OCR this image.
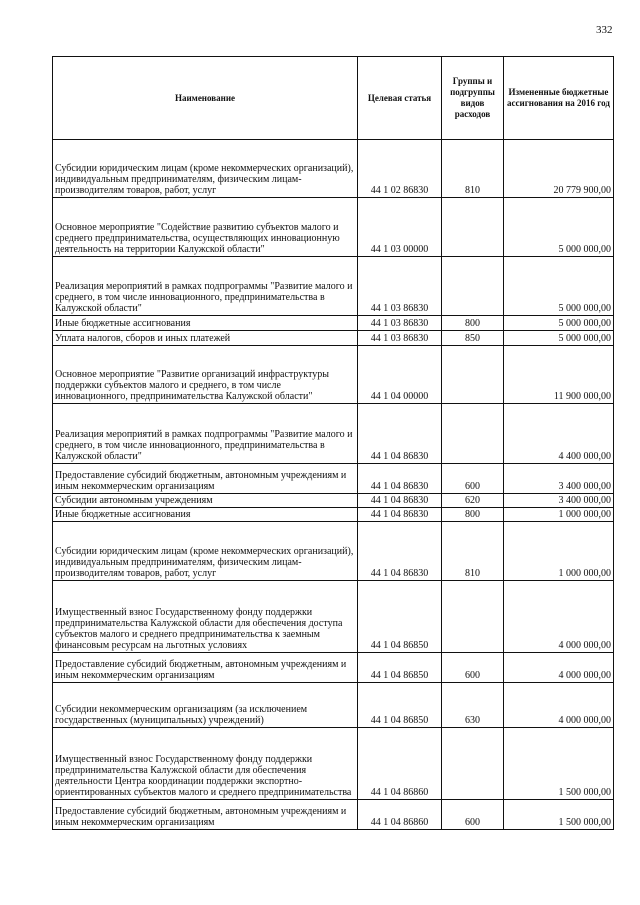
332
Наименование	Целевая статья	Группы и подгруппы видов расходов	Измененные бюджетные ассигнования на 2016 год
Субсидии юридическим лицам (кроме некоммерческих организаций), индивидуальным предпринимателям, физическим лицам-производителям товаров, работ, услуг	44 1 02 86830	810	20 779 900,00
Основное мероприятие "Содействие развитию субъектов малого и среднего предпринимательства, осуществляющих инновационную деятельность на территории Калужской области"	44 1 03 00000		5 000 000,00
Реализация мероприятий в рамках подпрограммы "Развитие малого и среднего, в том числе инновационного, предпринимательства в Калужской области"	44 1 03 86830		5 000 000,00
Иные бюджетные ассигнования	44 1 03 86830	800	5 000 000,00
Уплата налогов, сборов и иных платежей	44 1 03 86830	850	5 000 000,00
Основное мероприятие "Развитие организаций инфраструктуры поддержки субъектов малого и среднего, в том числе инновационного, предпринимательства Калужской области"	44 1 04 00000		11 900 000,00
Реализация мероприятий в рамках подпрограммы "Развитие малого и среднего, в том числе инновационного, предпринимательства в Калужской области"	44 1 04 86830		4 400 000,00
Предоставление субсидий бюджетным, автономным учреждениям и иным некоммерческим организациям	44 1 04 86830	600	3 400 000,00
Субсидии автономным учреждениям	44 1 04 86830	620	3 400 000,00
Иные бюджетные ассигнования	44 1 04 86830	800	1 000 000,00
Субсидии юридическим лицам (кроме некоммерческих организаций), индивидуальным предпринимателям, физическим лицам-производителям товаров, работ, услуг	44 1 04 86830	810	1 000 000,00
Имущественный взнос Государственному фонду поддержки предпринимательства Калужской области для обеспечения доступа субъектов малого и среднего предпринимательства к заемным финансовым ресурсам на льготных условиях	44 1 04 86850		4 000 000,00
Предоставление субсидий бюджетным, автономным учреждениям и иным некоммерческим организациям	44 1 04 86850	600	4 000 000,00
Субсидии некоммерческим организациям (за исключением государственных (муниципальных) учреждений)	44 1 04 86850	630	4 000 000,00
Имущественный взнос Государственному фонду поддержки предпринимательства Калужской области для обеспечения деятельности Центра координации поддержки экспортно-ориентированных субъектов малого и среднего предпринимательства	44 1 04 86860		1 500 000,00
Предоставление субсидий бюджетным, автономным учреждениям и иным некоммерческим организациям	44 1 04 86860	600	1 500 000,00
